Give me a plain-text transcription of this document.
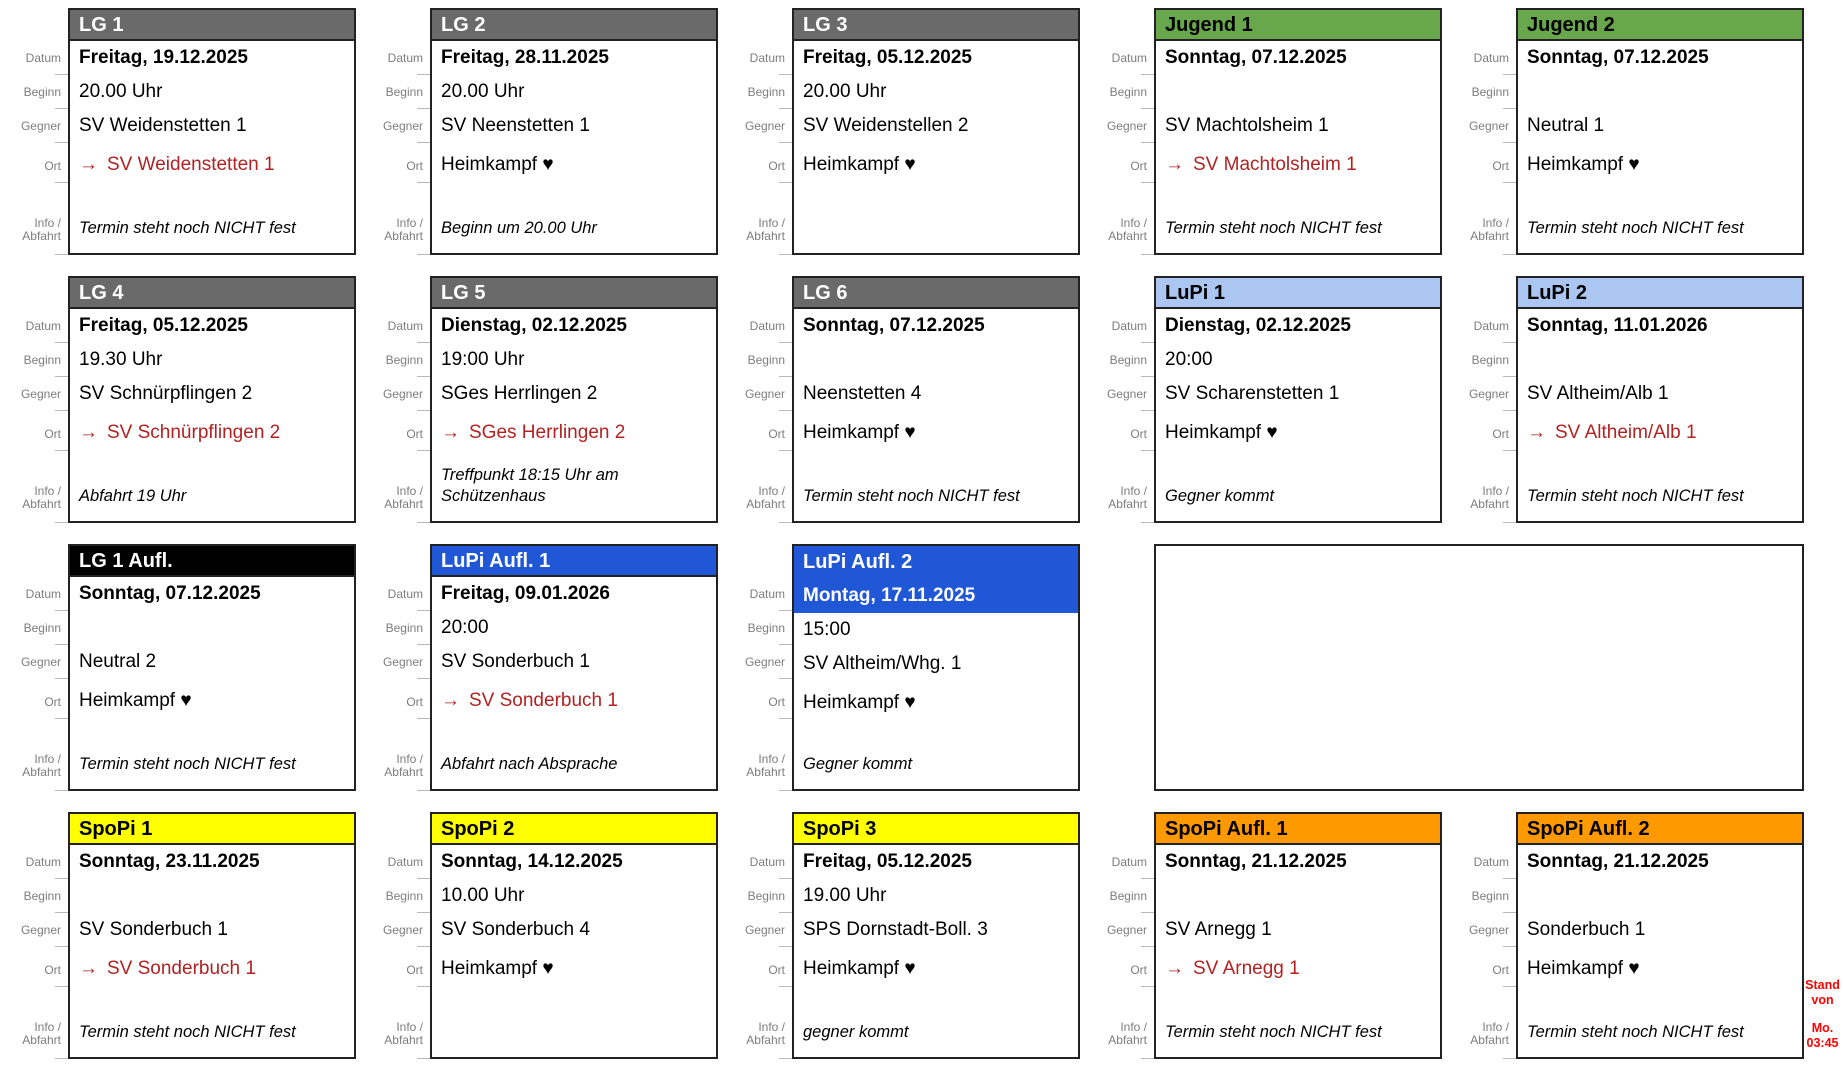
Datum
Beginn
Gegner
Ort
Info /
Abfahrt
LG 1
Freitag, 19.12.2025
20.00 Uhr
SV Weidenstetten 1
→ SV Weidenstetten 1
Termin steht noch NICHT fest
Datum
Beginn
Gegner
Ort
Info /
Abfahrt
LG 2
Freitag, 28.11.2025
20.00 Uhr
SV Neenstetten 1
Heimkampf ♥
Beginn um 20.00 Uhr
Datum
Beginn
Gegner
Ort
Info /
Abfahrt
LG 3
Freitag, 05.12.2025
20.00 Uhr
SV Weidenstellen 2
Heimkampf ♥
Datum
Beginn
Gegner
Ort
Info /
Abfahrt
Jugend 1
Sonntag, 07.12.2025
SV Machtolsheim 1
→ SV Machtolsheim 1
Termin steht noch NICHT fest
Datum
Beginn
Gegner
Ort
Info /
Abfahrt
Jugend 2
Sonntag, 07.12.2025
Neutral 1
Heimkampf ♥
Termin steht noch NICHT fest
Datum
Beginn
Gegner
Ort
Info /
Abfahrt
LG 4
Freitag, 05.12.2025
19.30 Uhr
SV Schnürpflingen 2
→ SV Schnürpflingen 2
Abfahrt 19 Uhr
Datum
Beginn
Gegner
Ort
Info /
Abfahrt
LG 5
Dienstag, 02.12.2025
19:00 Uhr
SGes Herrlingen 2
→ SGes Herrlingen 2
Treffpunkt 18:15 Uhr am Schützenhaus
Datum
Beginn
Gegner
Ort
Info /
Abfahrt
LG 6
Sonntag, 07.12.2025
Neenstetten 4
Heimkampf ♥
Termin steht noch NICHT fest
Datum
Beginn
Gegner
Ort
Info /
Abfahrt
LuPi 1
Dienstag, 02.12.2025
20:00
SV Scharenstetten 1
Heimkampf ♥
Gegner kommt
Datum
Beginn
Gegner
Ort
Info /
Abfahrt
LuPi 2
Sonntag, 11.01.2026
SV Altheim/Alb 1
→ SV Altheim/Alb 1
Termin steht noch NICHT fest
Datum
Beginn
Gegner
Ort
Info /
Abfahrt
LG 1 Aufl.
Sonntag, 07.12.2025
Neutral 2
Heimkampf ♥
Termin steht noch NICHT fest
Datum
Beginn
Gegner
Ort
Info /
Abfahrt
LuPi Aufl. 1
Freitag, 09.01.2026
20:00
SV Sonderbuch 1
→ SV Sonderbuch 1
Abfahrt nach Absprache
Datum
Beginn
Gegner
Ort
Info /
Abfahrt
LuPi Aufl. 2
Montag, 17.11.2025
15:00
SV Altheim/Whg. 1
Heimkampf ♥
Gegner kommt
Datum
Beginn
Gegner
Ort
Info /
Abfahrt
SpoPi 1
Sonntag, 23.11.2025
SV Sonderbuch 1
→ SV Sonderbuch 1
Termin steht noch NICHT fest
Datum
Beginn
Gegner
Ort
Info /
Abfahrt
SpoPi 2
Sonntag, 14.12.2025
10.00 Uhr
SV Sonderbuch 4
Heimkampf ♥
Datum
Beginn
Gegner
Ort
Info /
Abfahrt
SpoPi 3
Freitag, 05.12.2025
19.00 Uhr
SPS Dornstadt-Boll. 3
Heimkampf ♥
gegner kommt
Datum
Beginn
Gegner
Ort
Info /
Abfahrt
SpoPi Aufl. 1
Sonntag, 21.12.2025
SV Arnegg 1
→ SV Arnegg 1
Termin steht noch NICHT fest
Datum
Beginn
Gegner
Ort
Info /
Abfahrt
SpoPi Aufl. 2
Sonntag, 21.12.2025
Sonderbuch 1
Heimkampf ♥
Termin steht noch NICHT fest
Stand von
Mo.
03:45
